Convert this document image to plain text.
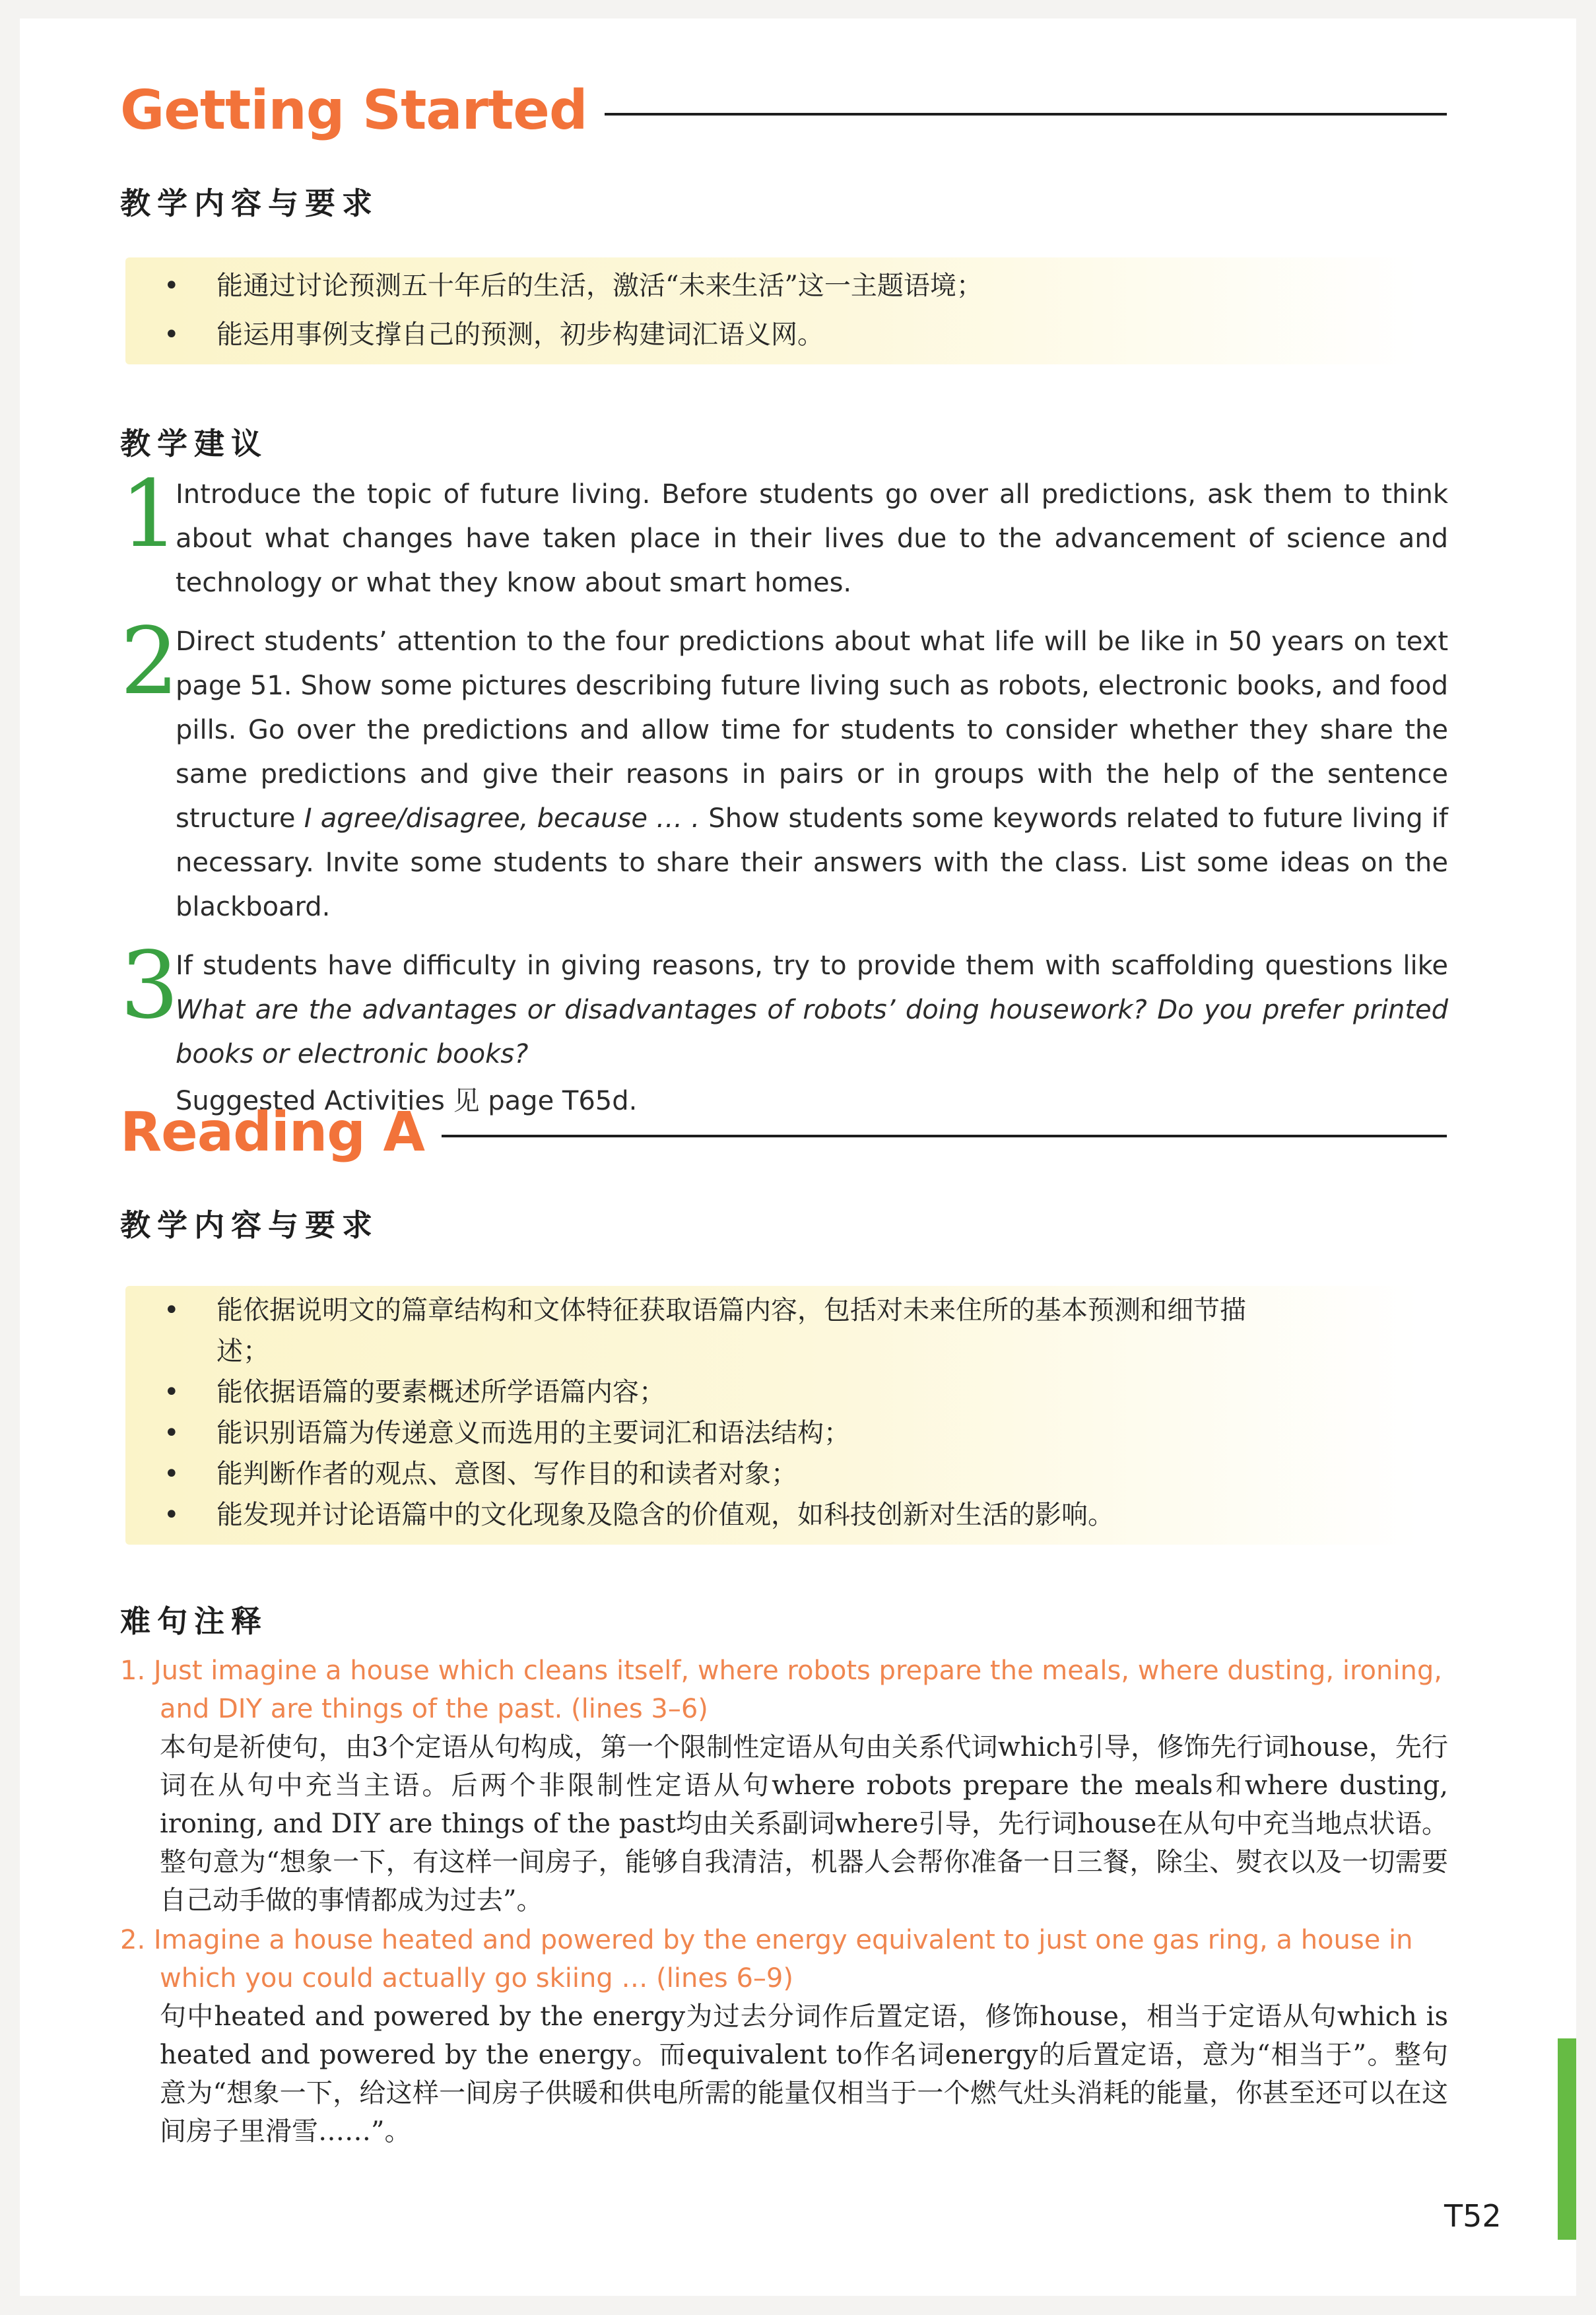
Getting Started
教学内容与要求
• 能通过讨论预测五十年后的生活，激活“未来生活”这一主题语境；
• 能运用事例支撑自己的预测，初步构建词汇语义网。
教学建议
1

Introduce the topic of future living. Before students go over all predictions, ask them to think about what changes have taken place in their lives due to the advancement of science and technology or what they know about smart homes.

2

Direct students’ attention to the four predictions about what life will be like in 50 years on text page 51. Show some pictures describing future living such as robots, electronic books, and food pills. Go over the predictions and allow time for students to consider whether they share the same predictions and give their reasons in pairs or in groups with the help of the sentence structure I agree/disagree, because … . Show students some keywords related to future living if necessary. Invite some students to share their answers with the class. List some ideas on the blackboard.

3

If students have difficulty in giving reasons, try to provide them with scaffolding questions like What are the advantages or disadvantages of robots’ doing housework? Do you prefer printed books or electronic books?

Suggested Activities 见 page T65d.

Reading A
教学内容与要求
• 能依据说明文的篇章结构和文体特征获取语篇内容，包括对未来住所的基本预测和细节描述；
• 能依据语篇的要素概述所学语篇内容；
• 能识别语篇为传递意义而选用的主要词汇和语法结构；
• 能判断作者的观点、意图、写作目的和读者对象；
• 能发现并讨论语篇中的文化现象及隐含的价值观，如科技创新对生活的影响。
难句注释

1. Just imagine a house which cleans itself, where robots prepare the meals, where dusting, ironing, and DIY are things of the past. (lines 3–6)

本句是祈使句，由3个定语从句构成，第一个限制性定语从句由关系代词which引导，修饰先行词house，先行词在从句中充当主语。后两个非限制性定语从句where robots prepare the meals和where dusting, ironing, and DIY are things of the past均由关系副词where引导，先行词house在从句中充当地点状语。整句意为“想象一下，有这样一间房子，能够自我清洁，机器人会帮你准备一日三餐，除尘、熨衣以及一切需要自己动手做的事情都成为过去”。

2. Imagine a house heated and powered by the energy equivalent to just one gas ring, a house in which you could actually go skiing … (lines 6–9)

句中heated and powered by the energy为过去分词作后置定语，修饰house，相当于定语从句which is heated and powered by the energy。而equivalent to作名词energy的后置定语，意为“相当于”。整句意为“想象一下，给这样一间房子供暖和供电所需的能量仅相当于一个燃气灶头消耗的能量，你甚至还可以在这间房子里滑雪……”。

T52
